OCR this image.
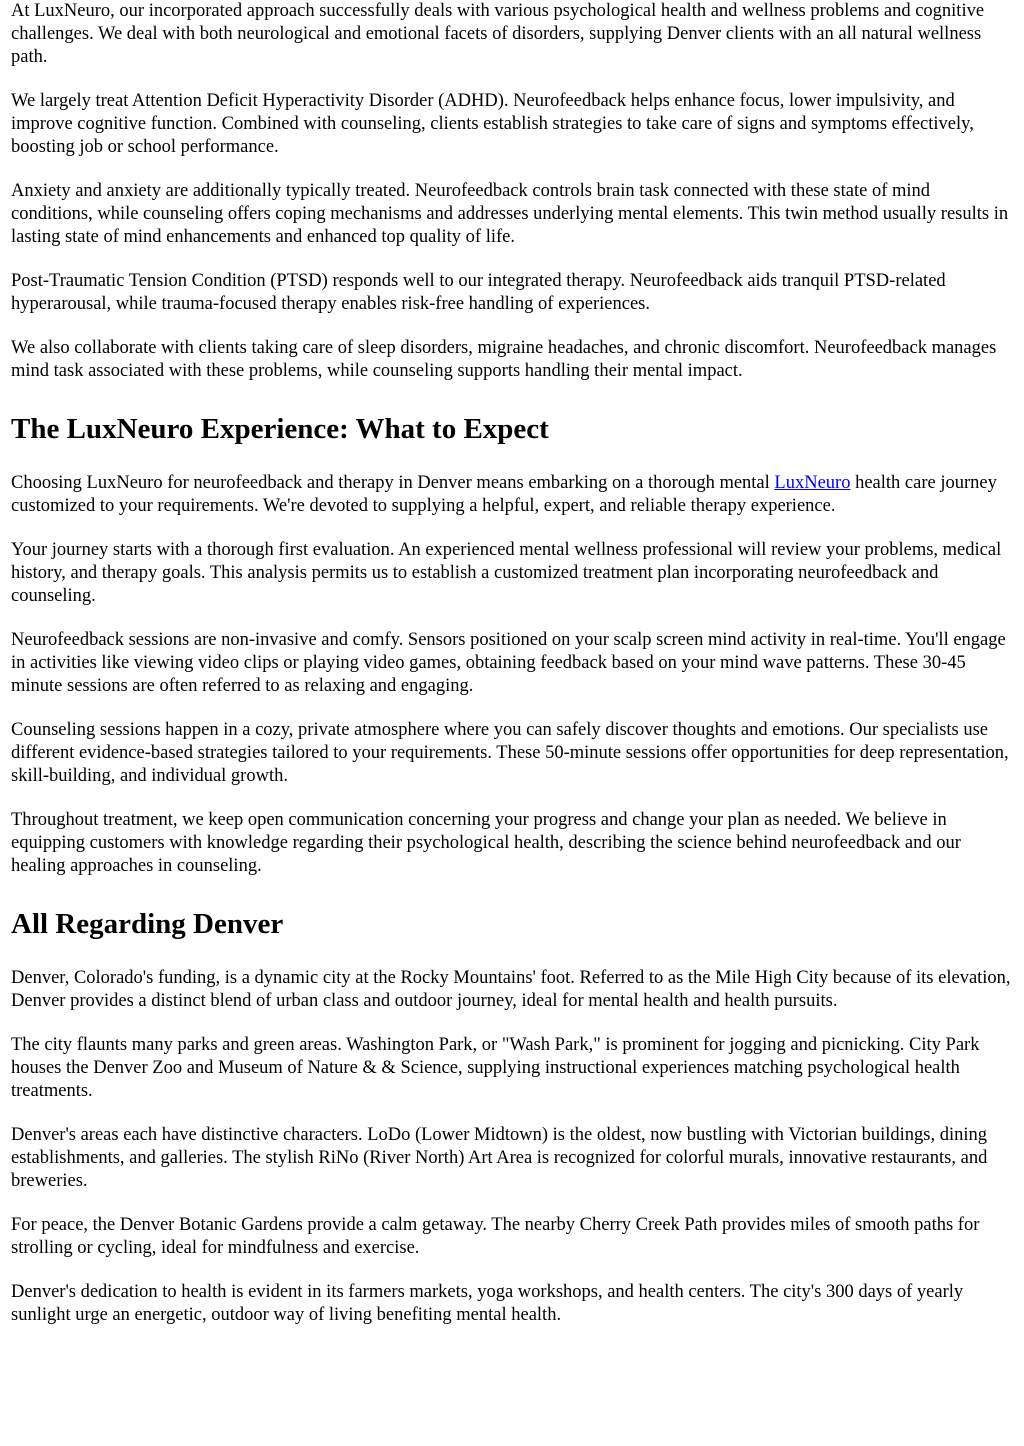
At LuxNeuro, our incorporated approach successfully deals with various psychological health and wellness problems and cognitive challenges. We deal with both neurological and emotional facets of disorders, supplying Denver clients with an all natural wellness path.

We largely treat Attention Deficit Hyperactivity Disorder (ADHD). Neurofeedback helps enhance focus, lower impulsivity, and improve cognitive function. Combined with counseling, clients establish strategies to take care of signs and symptoms effectively, boosting job or school performance.

Anxiety and anxiety are additionally typically treated. Neurofeedback controls brain task connected with these state of mind conditions, while counseling offers coping mechanisms and addresses underlying mental elements. This twin method usually results in lasting state of mind enhancements and enhanced top quality of life.

Post-Traumatic Tension Condition (PTSD) responds well to our integrated therapy. Neurofeedback aids tranquil PTSD-related hyperarousal, while trauma-focused therapy enables risk-free handling of experiences.

We also collaborate with clients taking care of sleep disorders, migraine headaches, and chronic discomfort. Neurofeedback manages mind task associated with these problems, while counseling supports handling their mental impact.

The LuxNeuro Experience: What to Expect

Choosing LuxNeuro for neurofeedback and therapy in Denver means embarking on a thorough mental LuxNeuro health care journey customized to your requirements. We're devoted to supplying a helpful, expert, and reliable therapy experience.

Your journey starts with a thorough first evaluation. An experienced mental wellness professional will review your problems, medical history, and therapy goals. This analysis permits us to establish a customized treatment plan incorporating neurofeedback and counseling.

Neurofeedback sessions are non-invasive and comfy. Sensors positioned on your scalp screen mind activity in real-time. You'll engage in activities like viewing video clips or playing video games, obtaining feedback based on your mind wave patterns. These 30-45 minute sessions are often referred to as relaxing and engaging.

Counseling sessions happen in a cozy, private atmosphere where you can safely discover thoughts and emotions. Our specialists use different evidence-based strategies tailored to your requirements. These 50-minute sessions offer opportunities for deep representation, skill-building, and individual growth.

Throughout treatment, we keep open communication concerning your progress and change your plan as needed. We believe in equipping customers with knowledge regarding their psychological health, describing the science behind neurofeedback and our healing approaches in counseling.

All Regarding Denver

Denver, Colorado's funding, is a dynamic city at the Rocky Mountains' foot. Referred to as the Mile High City because of its elevation, Denver provides a distinct blend of urban class and outdoor journey, ideal for mental health and health pursuits.

The city flaunts many parks and green areas. Washington Park, or "Wash Park," is prominent for jogging and picnicking. City Park houses the Denver Zoo and Museum of Nature & & Science, supplying instructional experiences matching psychological health treatments.

Denver's areas each have distinctive characters. LoDo (Lower Midtown) is the oldest, now bustling with Victorian buildings, dining establishments, and galleries. The stylish RiNo (River North) Art Area is recognized for colorful murals, innovative restaurants, and breweries.

For peace, the Denver Botanic Gardens provide a calm getaway. The nearby Cherry Creek Path provides miles of smooth paths for strolling or cycling, ideal for mindfulness and exercise.

Denver's dedication to health is evident in its farmers markets, yoga workshops, and health centers. The city's 300 days of yearly sunlight urge an energetic, outdoor way of living benefiting mental health.
